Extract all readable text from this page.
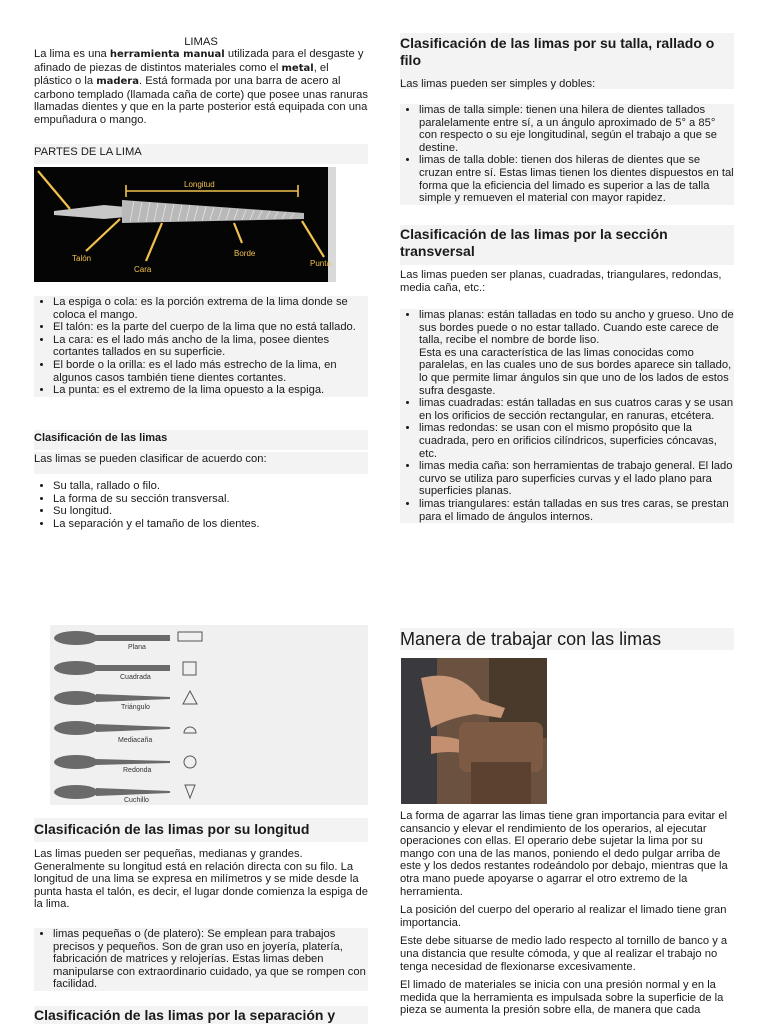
LIMAS

La lima es una herramienta manual utilizada para el desgaste y afinado de piezas de distintos materiales como el metal, el plástico o la madera. Está formada por una barra de acero al carbono templado (llamada caña de corte) que posee unas ranuras llamadas dientes y que en la parte posterior está equipada con una empuñadura o mango.

PARTES DE LA LIMA
Longitud
Talón
Cara
Borde
Punta
• La espiga o cola: es la porción extrema de la lima donde se coloca el mango.
• El talón: es la parte del cuerpo de la lima que no está tallado.
• La cara: es el lado más ancho de la lima, posee dientes cortantes tallados en su superficie.
• El borde o la orilla: es el lado más estrecho de la lima, en algunos casos también tiene dientes cortantes.
• La punta: es el extremo de la lima opuesto a la espiga.
Clasificación de las limas

Las limas se pueden clasificar de acuerdo con:

• Su talla, rallado o filo.
• La forma de su sección transversal.
• Su longitud.
• La separación y el tamaño de los dientes.
Clasificación de las limas por su talla, rallado o filo

Las limas pueden ser simples y dobles:

• limas de talla simple: tienen una hilera de dientes tallados paralelamente entre sí, a un ángulo aproximado de 5° a 85° con respecto o su eje longitudinal, según el trabajo a que se destine.
• limas de talla doble: tienen dos hileras de dientes que se cruzan entre sí. Estas limas tienen los dientes dispuestos en tal forma que la eficiencia del limado es superior a las de talla simple y remueven el material con mayor rapidez.
Clasificación de las limas por la sección transversal

Las limas pueden ser planas, cuadradas, triangulares, redondas, media caña, etc.:

• limas planas: están talladas en todo su ancho y grueso. Uno de sus bordes puede o no estar tallado. Cuando este carece de talla, recibe el nombre de borde liso.
Esta es una característica de las limas conocidas como paralelas, en las cuales uno de sus bordes aparece sin tallado, lo que permite limar ángulos sin que uno de los lados de estos sufra desgaste.
• limas cuadradas: están talladas en sus cuatros caras y se usan en los orificios de sección rectangular, en ranuras, etcétera.
• limas redondas: se usan con el mismo propósito que la cuadrada, pero en orificios cilíndricos, superficies cóncavas, etc.
• limas media caña: son herramientas de trabajo general. El lado curvo se utiliza paro superficies curvas y el lado plano para superficies planas.
• limas triangulares: están talladas en sus tres caras, se prestan para el limado de ángulos internos.
Plana
Cuadrada
Triángulo
Mediacaña
Redonda
Cuchillo
Clasificación de las limas por su longitud

Las limas pueden ser pequeñas, medianas y grandes. Generalmente su longitud está en relación directa con su filo. La longitud de una lima se expresa en milímetros y se mide desde la punta hasta el talón, es decir, el lugar donde comienza la espiga de la lima.

• limas pequeñas o (de platero): Se emplean para trabajos precisos y pequeños. Son de gran uso en joyería, platería, fabricación de matrices y relojerías. Estas limas deben manipularse con extraordinario cuidado, ya que se rompen con facilidad.
Clasificación de las limas por la separación y
Manera de trabajar con las limas

La forma de agarrar las limas tiene gran importancia para evitar el cansancio y elevar el rendimiento de los operarios, al ejecutar operaciones con ellas. El operario debe sujetar la lima por su mango con una de las manos, poniendo el dedo pulgar arriba de este y los dedos restantes rodeándolo por debajo, mientras que la otra mano puede apoyarse o agarrar el otro extremo de la herramienta.

La posición del cuerpo del operario al realizar el limado tiene gran importancia.

Este debe situarse de medio lado respecto al tornillo de banco y a una distancia que resulte cómoda, y que al realizar el trabajo no tenga necesidad de flexionarse excesivamente.

El limado de materiales se inicia con una presión normal y en la medida que la herramienta es impulsada sobre la superficie de la pieza se aumenta la presión sobre ella, de manera que cada
